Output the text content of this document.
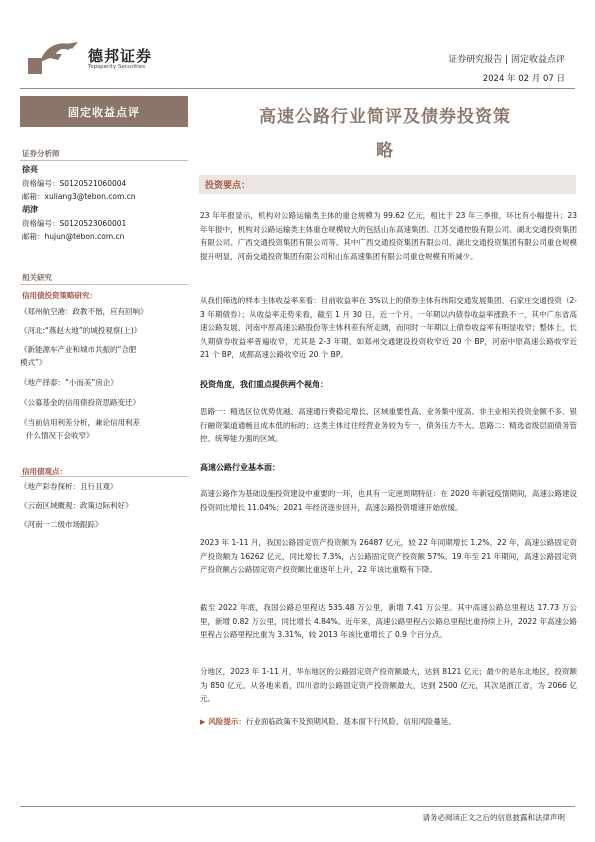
德邦证券
Topsperity Securities
证券研究报告 | 固定收益点评
2024 年 02 月 07 日
固定收益点评
证券分析师
徐亮
资格编号：S0120521060004
邮箱：xuliang3@tebon.com.cn
胡津
资格编号：S0120523060001
邮箱：hujun@tebon.com.cn
相关研究
信用债投资策略研究：
《郑州航空港：政教不偕，应有回响》
《河北:“燕赵大地”的城投观察(上)》
《新能源车产业和城市共振的“合肥
模式”》
《地产择泰：“小而美”房企》
《公募基金的信用债投资思路变迁》
《当前信用利差分析，兼论信用利差
什么情况下会收窄》
信用债观点：
《地产彩券探析：且行且观》
《云南区域概观：政策边际利好》
《河南一二级市场跟踪》
高速公路行业简评及债券投资策
略
投资要点：
23 年年报显示，机构对公路运输类主体的重仓规模为 99.62 亿元，相比于 23 年三季报，环比有小幅提升；23 年年报中，机构对公路运输类主体重仓规模较大的包括山东高速集团、江苏交通控股有限公司、湖北交通投资集团有限公司、广西交通投资集团有限公司等。其中广西交通投资集团有限公司、湖北交通投资集团有限公司重仓规模提升明显，河南交通投资集团有限公司和山东高速集团有限公司重仓规模有所减少。
从我们筛选的样本主体收益率来看：目前收益率在 3%以上的债券主体有纬阳交通发展集团、石家庄交通投资（2-3 年期债券）；从收益率走势来看，截至 1 月 30 日，近一个月，一年期以内债券收益率涨跌不一，其中广东省高速公路发展、河南中原高速公路股份等主体利差有所走阔，而同时一年期以上债券收益率有明显收窄；整体上，长久期债券收益率普遍收窄，尤其是 2-3 年期，如郑州交通建设投资收窄近 20 个 BP，河南中原高速公路收窄近 21 个 BP，成都高速公路收窄近 20 个 BP。
投资角度，我们重点提供两个视角：
思路一：精选区位优势优越、高速通行费稳定增长、区域重要性高、业务集中度高、非主业相关投资金额不多、银行融资渠道通畅且成本低的标的；这类主体过往经营业务较为专一，债务压力不大。思路二：精选省级层面债务管控、统筹能力强的区域。
高速公路行业基本面：
高速公路作为基础设施投资建设中重要的一环，也具有一定逆周期特征：在 2020 年新冠疫情期间，高速公路建设投资同比增长 11.04%；2021 年经济逐步回升，高速公路投资增速开始放缓。
2023 年 1-11 月，我国公路固定资产投资额为 26487 亿元，较 22 年同期增长 1.2%。22 年，高速公路固定资产投资额为 16262 亿元，同比增长 7.3%，占公路固定资产投资额 57%。19 年至 21 年期间，高速公路固定资产投资额占公路固定资产投资额比重逐年上升，22 年该比重略有下降。
截至 2022 年底，我国公路总里程达 535.48 万公里，新增 7.41 万公里。其中高速公路总里程达 17.73 万公里，新增 0.82 万公里，同比增长 4.84%。近年来，高速公路里程占公路总里程比重持续上升，2022 年高速公路里程占公路里程比重为 3.31%，较 2013 年该比重增长了 0.9 个百分点。
分地区，2023 年 1-11 月，华东地区的公路固定资产投资额最大，达到 8121 亿元；最少的是东北地区，投资额为 850 亿元。从各地来看，四川省的公路固定资产投资额最大，达到 2500 亿元，其次是浙江省，为 2066 亿元。
▶ 风险提示：行业面临政策不及预期风险、基本面下行风险、信用风险蔓延。
请务必阅读正文之后的信息披露和法律声明
